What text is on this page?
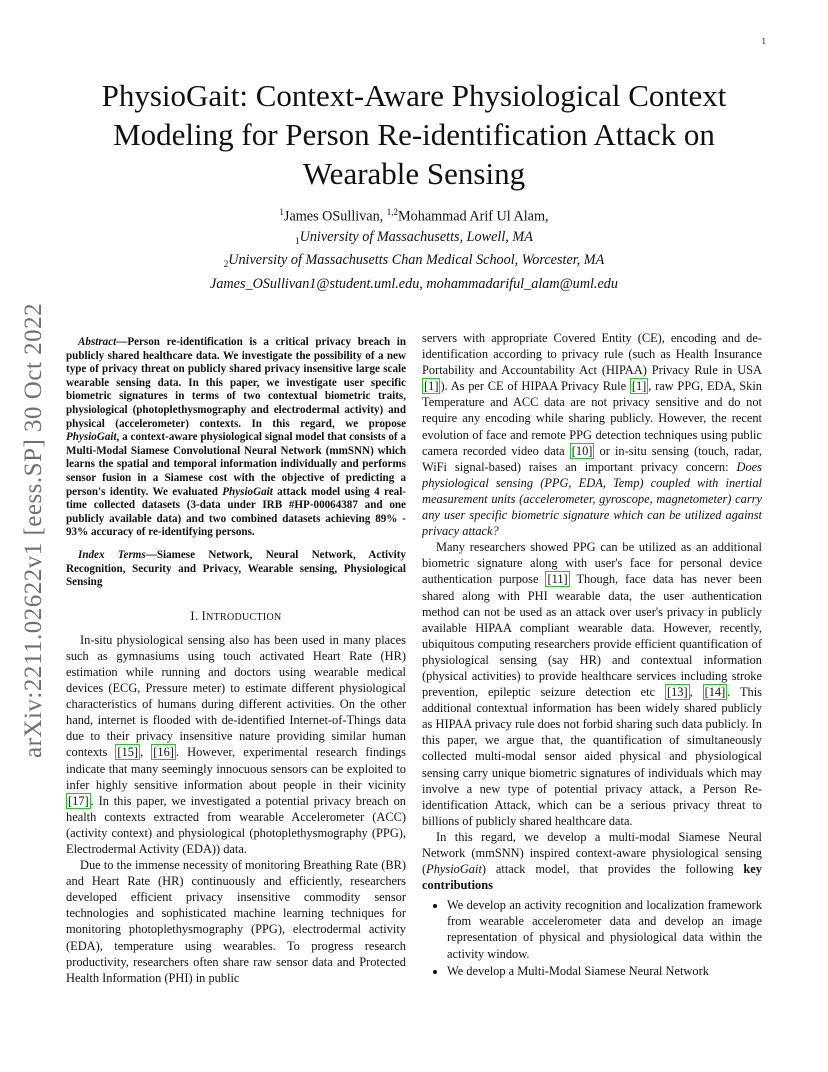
1
arXiv:2211.02622v1 [eess.SP] 30 Oct 2022
PhysioGait: Context-Aware Physiological Context Modeling for Person Re-identification Attack on Wearable Sensing
$^1$James OSullivan, $^{1,2}$Mohammad Arif Ul Alam,
$_1$University of Massachusetts, Lowell, MA
$_2$University of Massachusetts Chan Medical School, Worcester, MA
James_OSullivan1@student.uml.edu, mohammadariful_alam@uml.edu

Abstract—Person re-identification is a critical privacy breach in publicly shared healthcare data. We investigate the possibility of a new type of privacy threat on publicly shared privacy insensitive large scale wearable sensing data. In this paper, we investigate user specific biometric signatures in terms of two contextual biometric traits, physiological (photoplethysmography and electrodermal activity) and physical (accelerometer) contexts. In this regard, we propose PhysioGait, a context-aware physiological signal model that consists of a Multi-Modal Siamese Convolutional Neural Network (mmSNN) which learns the spatial and temporal information individually and performs sensor fusion in a Siamese cost with the objective of predicting a person's identity. We evaluated PhysioGait attack model using 4 real-time collected datasets (3-data under IRB #HP-00064387 and one publicly available data) and two combined datasets achieving 89% - 93% accuracy of re-identifying persons.

Index Terms—Siamese Network, Neural Network, Activity Recognition, Security and Privacy, Wearable sensing, Physiological Sensing

I. INTRODUCTION

In-situ physiological sensing also has been used in many places such as gymnasiums using touch activated Heart Rate (HR) estimation while running and doctors using wearable medical devices (ECG, Pressure meter) to estimate different physiological characteristics of humans during different activities. On the other hand, internet is flooded with de-identified Internet-of-Things data due to their privacy insensitive nature providing similar human contexts [15] , [16] . However, experimental research findings indicate that many seemingly innocuous sensors can be exploited to infer highly sensitive information about people in their vicinity [17] . In this paper, we investigated a potential privacy breach on health contexts extracted from wearable Accelerometer (ACC) (activity context) and physiological (photoplethysmography (PPG), Electrodermal Activity (EDA)) data.

Due to the immense necessity of monitoring Breathing Rate (BR) and Heart Rate (HR) continuously and efficiently, researchers developed efficient privacy insensitive commodity sensor technologies and sophisticated machine learning techniques for monitoring photoplethysmography (PPG), electrodermal activity (EDA), temperature using wearables. To progress research productivity, researchers often share raw sensor data and Protected Health Information (PHI) in public

servers with appropriate Covered Entity (CE), encoding and de-identification according to privacy rule (such as Health Insurance Portability and Accountability Act (HIPAA) Privacy Rule in USA [1] ). As per CE of HIPAA Privacy Rule [1] , raw PPG, EDA, Skin Temperature and ACC data are not privacy sensitive and do not require any encoding while sharing publicly. However, the recent evolution of face and remote PPG detection techniques using public camera recorded video data [10] or in-situ sensing (touch, radar, WiFi signal-based) raises an important privacy concern: Does physiological sensing (PPG, EDA, Temp) coupled with inertial measurement units (accelerometer, gyroscope, magnetometer) carry any user specific biometric signature which can be utilized against privacy attack?

Many researchers showed PPG can be utilized as an additional biometric signature along with user's face for personal device authentication purpose [11] Though, face data has never been shared along with PHI wearable data, the user authentication method can not be used as an attack over user's privacy in publicly available HIPAA compliant wearable data. However, recently, ubiquitous computing researchers provide efficient quantification of physiological sensing (say HR) and contextual information (physical activities) to provide healthcare services including stroke prevention, epileptic seizure detection etc [13] , [14] . This additional contextual information has been widely shared publicly as HIPAA privacy rule does not forbid sharing such data publicly. In this paper, we argue that, the quantification of simultaneously collected multi-modal sensor aided physical and physiological sensing carry unique biometric signatures of individuals which may involve a new type of potential privacy attack, a Person Re-identification Attack, which can be a serious privacy threat to billions of publicly shared healthcare data.

In this regard, we develop a multi-modal Siamese Neural Network (mmSNN) inspired context-aware physiological sensing (PhysioGait) attack model, that provides the following key contributions

• We develop an activity recognition and localization framework from wearable accelerometer data and develop an image representation of physical and physiological data within the activity window.
• We develop a Multi-Modal Siamese Neural Network
